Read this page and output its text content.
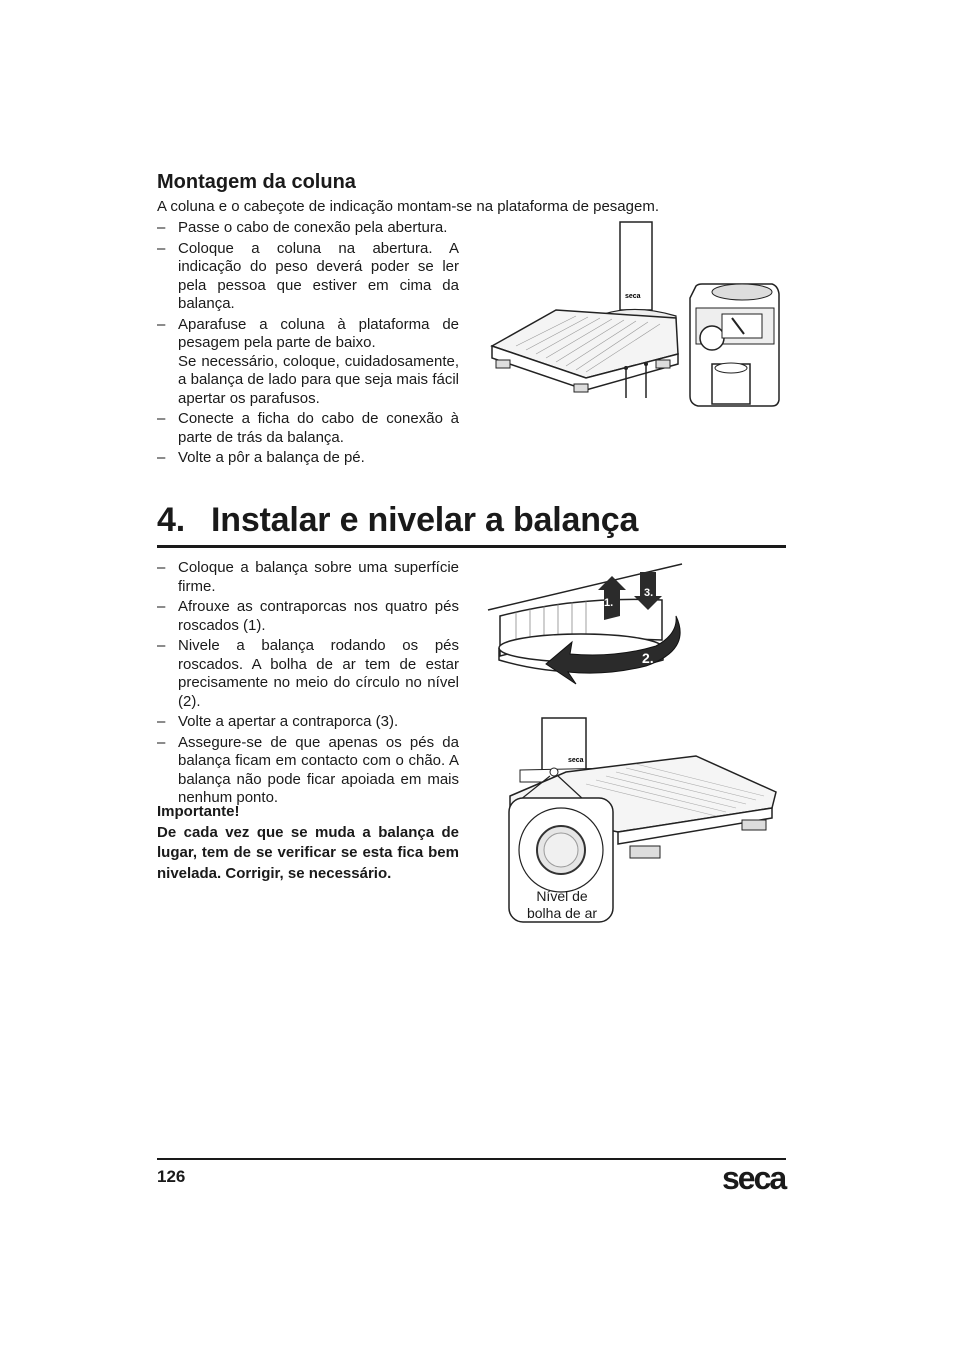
Montagem da coluna
A coluna e o cabeçote de indicação montam-se na plataforma de pesagem.
– Passe o cabo de conexão pela abertura.
– Coloque a coluna na abertura. A indicação do peso deverá poder se ler pela pessoa que estiver em cima da balança.
– Aparafuse a coluna à plataforma de pesagem pela parte de baixo.
Se necessário, coloque, cuidadosamente, a balança de lado para que seja mais fácil apertar os parafusos.
– Conecte a ficha do cabo de conexão à parte de trás da balança.
– Volte a pôr a balança de pé.
seca
4. Instalar e nivelar a balança
– Coloque a balança sobre uma superfície firme.
– Afrouxe as contraporcas nos quatro pés roscados (1).
– Nivele a balança rodando os pés roscados. A bolha de ar tem de estar precisamente no meio do círculo no nível (2).
– Volte a apertar a contraporca (3).
– Assegure-se de que apenas os pés da balança ficam em contacto com o chão. A balança não pode ficar apoiada em mais nenhum ponto.

Importante!

De cada vez que se muda a balança de lugar, tem de se verificar se esta fica bem nivelada. Corrigir, se necessário.

2.
1.
3.
seca
Nível de
bolha de ar
126	seca
